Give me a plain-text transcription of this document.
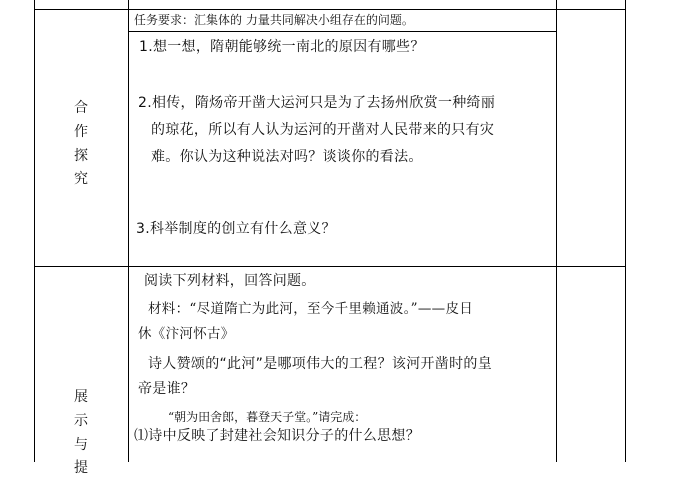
合
作
探
究
任务要求：汇集体的 力量共同解决小组存在的问题。
1.想一想，隋朝能够统一南北的原因有哪些？
2.相传，隋炀帝开凿大运河只是为了去扬州欣赏一种绮丽
的琼花，所以有人认为运河的开凿对人民带来的只有灾
难。你认为这种说法对吗？谈谈你的看法。
3.科举制度的创立有什么意义？
展
示
与
提
阅读下列材料，回答问题。
材料：“尽道隋亡为此河，至今千里赖通波。”——皮日
休《汴河怀古》
诗人赞颂的“此河”是哪项伟大的工程？该河开凿时的皇
帝是谁？
“朝为田舍郎，暮登天子堂。”请完成：
⑴诗中反映了封建社会知识分子的什么思想？
